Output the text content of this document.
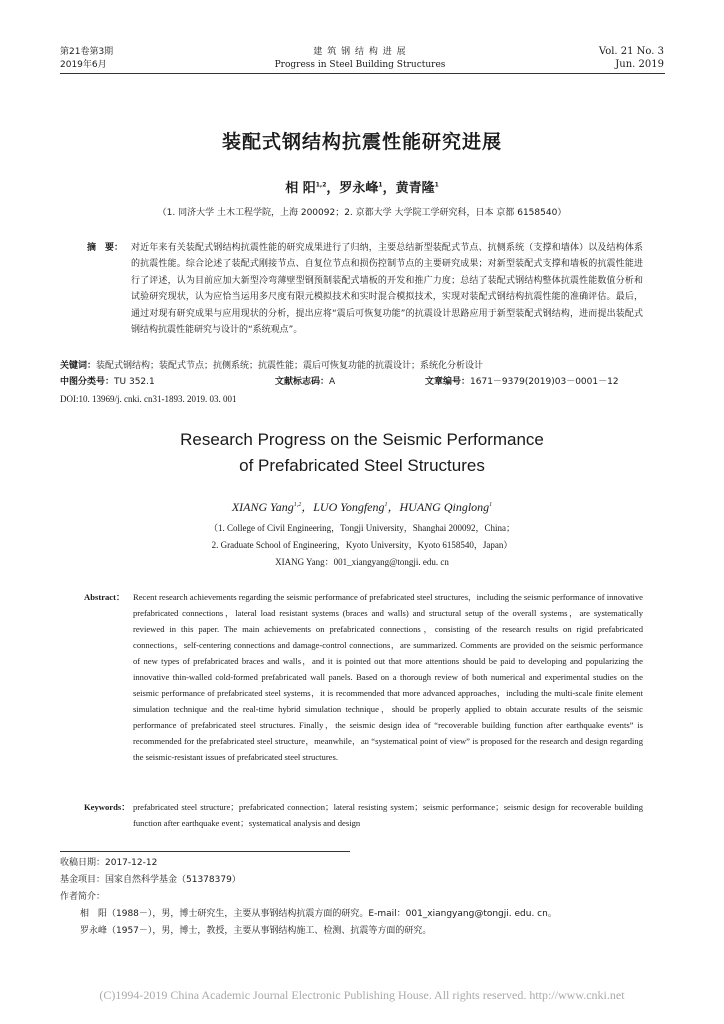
第21卷第3期
2019年6月
建 筑 钢 结 构 进 展
Progress in Steel Building Structures
Vol. 21 No. 3
Jun. 2019
装配式钢结构抗震性能研究进展
相 阳$^{1,2}$，罗永峰$^1$，黄青隆$^1$
（1. 同济大学 土木工程学院，上海 200092；2. 京都大学 大学院工学研究科，日本 京都 6158540）
摘　要： 对近年来有关装配式钢结构抗震性能的研究成果进行了归纳，主要总结新型装配式节点、抗侧系统（支撑和墙体）以及结构体系的抗震性能。综合论述了装配式刚接节点、自复位节点和损伤控制节点的主要研究成果；对新型装配式支撑和墙板的抗震性能进行了评述，认为目前应加大新型冷弯薄壁型钢预制装配式墙板的开发和推广力度；总结了装配式钢结构整体抗震性能数值分析和试验研究现状，认为应恰当运用多尺度有限元模拟技术和实时混合模拟技术，实现对装配式钢结构抗震性能的准确评估。最后，通过对现有研究成果与应用现状的分析，提出应将“震后可恢复功能”的抗震设计思路应用于新型装配式钢结构，进而提出装配式钢结构抗震性能研究与设计的“系统观点”。
关键词：装配式钢结构；装配式节点；抗侧系统；抗震性能；震后可恢复功能的抗震设计；系统化分析设计
中图分类号：TU 352.1	文献标志码：A	文章编号：1671－9379(2019)03－0001－12
DOI:10. 13969/j. cnki. cn31-1893. 2019. 03. 001
Research Progress on the Seismic Performance
of Prefabricated Steel Structures
XIANG Yang$^{1,2}$，LUO Yongfeng$^1$，HUANG Qinglong$^1$
（1. College of Civil Engineering，Tongji University，Shanghai 200092，China；
2. Graduate School of Engineering，Kyoto University，Kyoto 6158540，Japan）
XIANG Yang：001_xiangyang@tongji. edu. cn
Abstract： Recent research achievements regarding the seismic performance of prefabricated steel structures，including the seismic performance of innovative prefabricated connections，lateral load resistant systems (braces and walls) and structural setup of the overall systems，are systematically reviewed in this paper. The main achievements on prefabricated connections，consisting of the research results on rigid prefabricated connections，self-centering connections and damage-control connections，are summarized. Comments are provided on the seismic performance of new types of prefabricated braces and walls，and it is pointed out that more attentions should be paid to developing and popularizing the innovative thin-walled cold-formed prefabricated wall panels. Based on a thorough review of both numerical and experimental studies on the seismic performance of prefabricated steel systems，it is recommended that more advanced approaches，including the multi-scale finite element simulation technique and the real-time hybrid simulation technique，should be properly applied to obtain accurate results of the seismic performance of prefabricated steel structures. Finally，the seismic design idea of “recoverable building function after earthquake events” is recommended for the prefabricated steel structure，meanwhile，an “systematical point of view” is proposed for the research and design regarding the seismic-resistant issues of prefabricated steel structures.
Keywords： prefabricated steel structure；prefabricated connection；lateral resisting system；seismic performance；seismic design for recoverable building function after earthquake event；systematical analysis and design
收稿日期：2017-12-12
基金项目：国家自然科学基金（51378379）
作者简介：
相　阳（1988－），男，博士研究生，主要从事钢结构抗震方面的研究。E-mail：001_xiangyang@tongji. edu. cn。
罗永峰（1957－），男，博士，教授，主要从事钢结构施工、检测、抗震等方面的研究。
(C)1994-2019 China Academic Journal Electronic Publishing House. All rights reserved. http://www.cnki.net
